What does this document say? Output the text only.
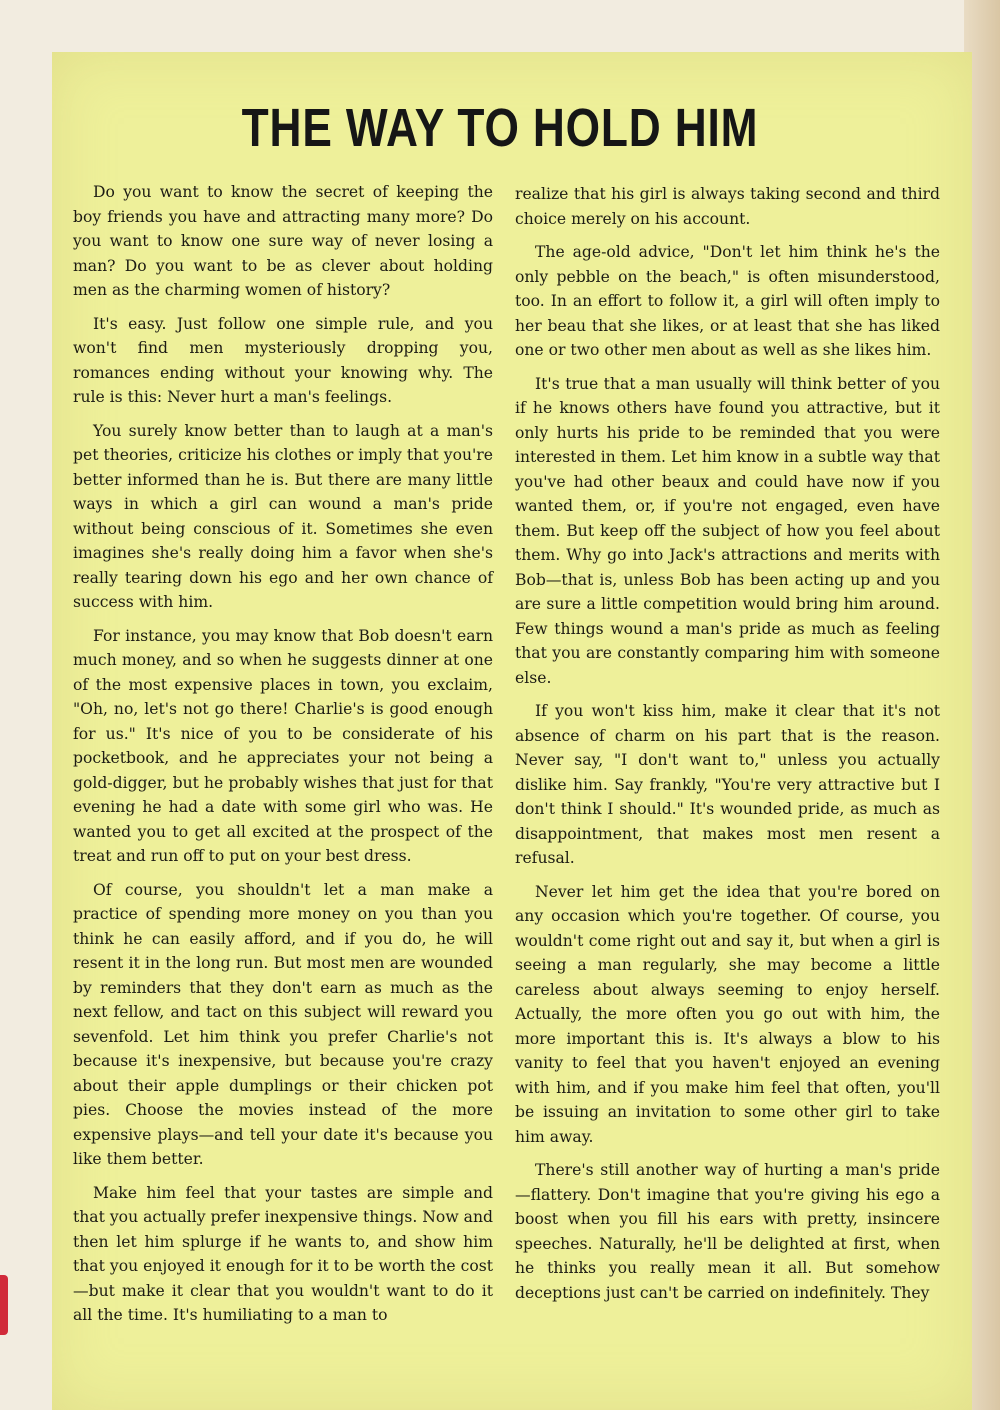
THE WAY TO HOLD HIM

Do you want to know the secret of keeping the boy friends you have and attracting many more? Do you want to know one sure way of never losing a man? Do you want to be as clever about holding men as the charming women of history?

It's easy. Just follow one simple rule, and you won't find men mysteriously dropping you, romances ending without your knowing why. The rule is this: Never hurt a man's feelings.

You surely know better than to laugh at a man's pet theories, criticize his clothes or imply that you're better informed than he is. But there are many little ways in which a girl can wound a man's pride without being conscious of it. Sometimes she even imagines she's really doing him a favor when she's really tearing down his ego and her own chance of success with him.

For instance, you may know that Bob doesn't earn much money, and so when he suggests dinner at one of the most expensive places in town, you exclaim, "Oh, no, let's not go there! Charlie's is good enough for us." It's nice of you to be considerate of his pocketbook, and he appreciates your not being a gold-digger, but he probably wishes that just for that evening he had a date with some girl who was. He wanted you to get all excited at the prospect of the treat and run off to put on your best dress.

Of course, you shouldn't let a man make a practice of spending more money on you than you think he can easily afford, and if you do, he will resent it in the long run. But most men are wounded by reminders that they don't earn as much as the next fellow, and tact on this subject will reward you sevenfold. Let him think you prefer Charlie's not because it's inexpensive, but because you're crazy about their apple dumplings or their chicken pot pies. Choose the movies instead of the more expensive plays—and tell your date it's because you like them better.

Make him feel that your tastes are simple and that you actually prefer inexpensive things. Now and then let him splurge if he wants to, and show him that you enjoyed it enough for it to be worth the cost—but make it clear that you wouldn't want to do it all the time. It's humiliating to a man to

realize that his girl is always taking second and third choice merely on his account.

The age-old advice, "Don't let him think he's the only pebble on the beach," is often misunderstood, too. In an effort to follow it, a girl will often imply to her beau that she likes, or at least that she has liked one or two other men about as well as she likes him.

It's true that a man usually will think better of you if he knows others have found you attractive, but it only hurts his pride to be reminded that you were interested in them. Let him know in a subtle way that you've had other beaux and could have now if you wanted them, or, if you're not engaged, even have them. But keep off the subject of how you feel about them. Why go into Jack's attractions and merits with Bob—that is, unless Bob has been acting up and you are sure a little competition would bring him around. Few things wound a man's pride as much as feeling that you are constantly comparing him with someone else.

If you won't kiss him, make it clear that it's not absence of charm on his part that is the reason. Never say, "I don't want to," unless you actually dislike him. Say frankly, "You're very attractive but I don't think I should." It's wounded pride, as much as disappointment, that makes most men resent a refusal.

Never let him get the idea that you're bored on any occasion which you're together. Of course, you wouldn't come right out and say it, but when a girl is seeing a man regularly, she may become a little careless about always seeming to enjoy herself. Actually, the more often you go out with him, the more important this is. It's always a blow to his vanity to feel that you haven't enjoyed an evening with him, and if you make him feel that often, you'll be issuing an invitation to some other girl to take him away.

There's still another way of hurting a man's pride—flattery. Don't imagine that you're giving his ego a boost when you fill his ears with pretty, insincere speeches. Naturally, he'll be delighted at first, when he thinks you really mean it all. But somehow deceptions just can't be carried on indefinitely. They
